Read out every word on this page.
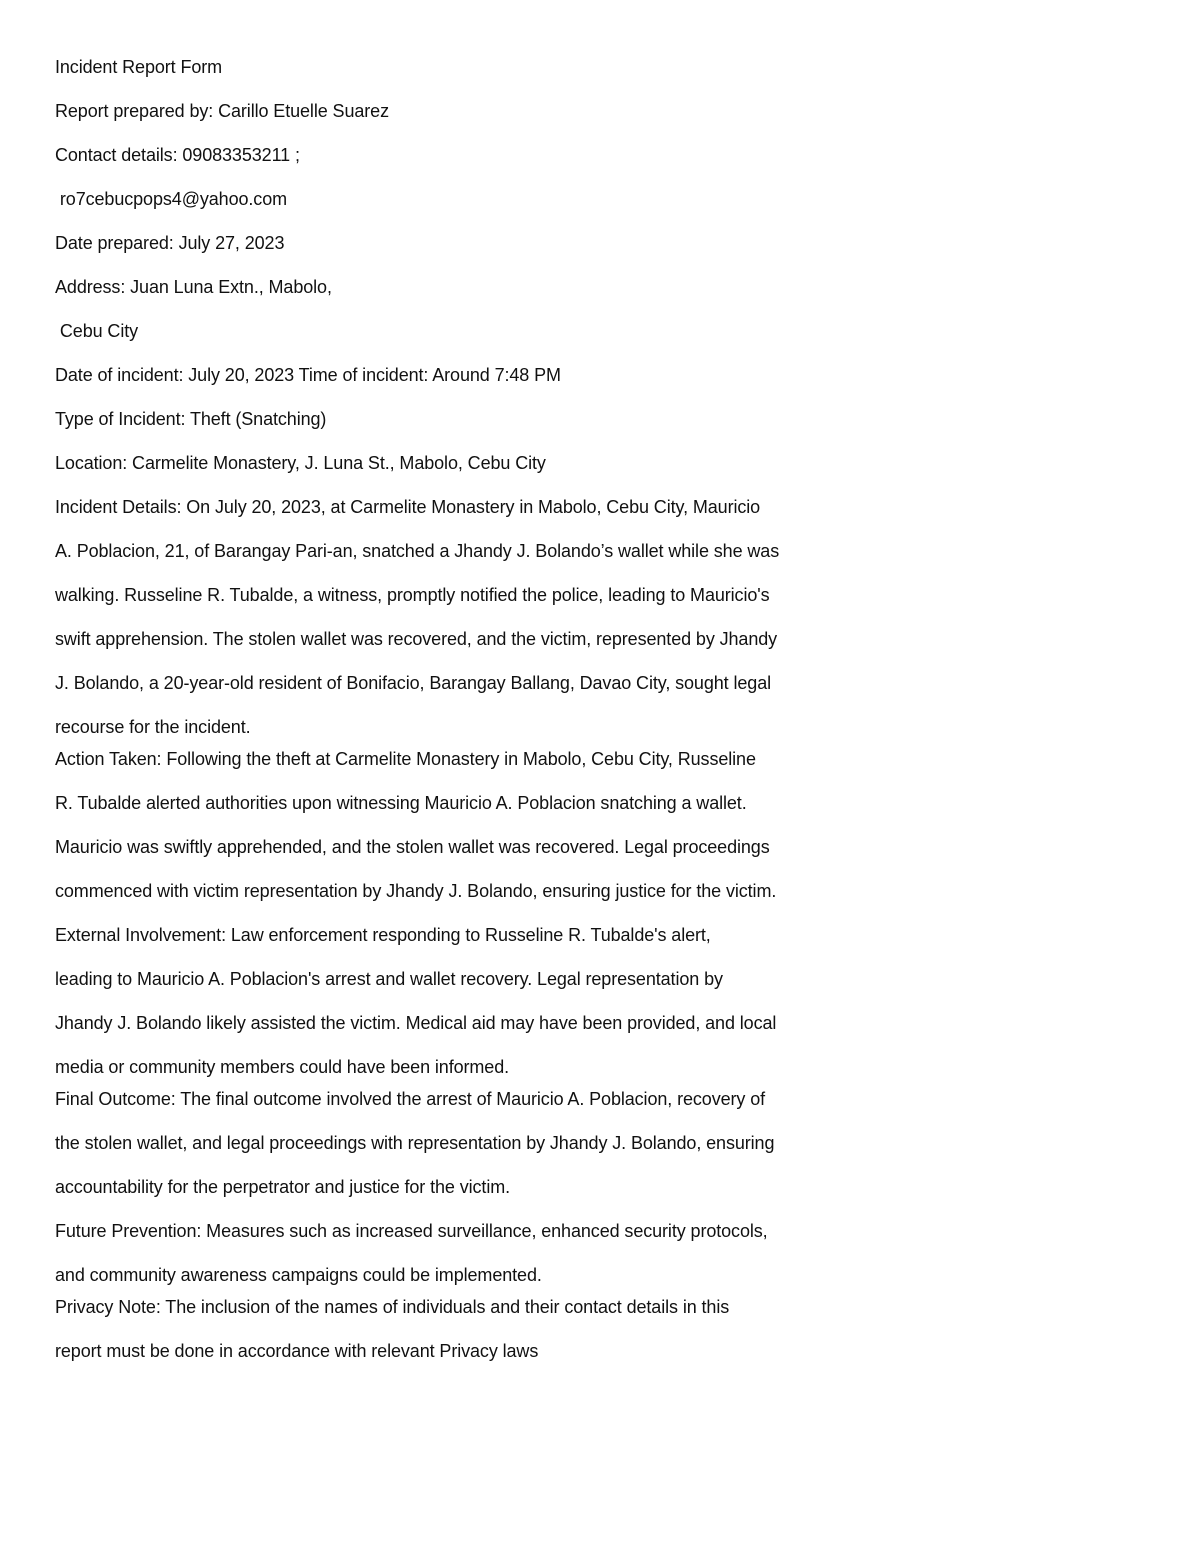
Incident Report Form
Report prepared by: Carillo Etuelle Suarez
Contact details: 09083353211 ;
ro7cebucpops4@yahoo.com
Date prepared: July 27, 2023
Address: Juan Luna Extn., Mabolo,
Cebu City
Date of incident: July 20, 2023 Time of incident: Around 7:48 PM
Type of Incident: Theft (Snatching)
Location: Carmelite Monastery, J. Luna St., Mabolo, Cebu City
Incident Details: On July 20, 2023, at Carmelite Monastery in Mabolo, Cebu City, Mauricio
A. Poblacion, 21, of Barangay Pari-an, snatched a Jhandy J. Bolando’s wallet while she was
walking. Russeline R. Tubalde, a witness, promptly notified the police, leading to Mauricio's
swift apprehension. The stolen wallet was recovered, and the victim, represented by Jhandy
J. Bolando, a 20-year-old resident of Bonifacio, Barangay Ballang, Davao City, sought legal
recourse for the incident.
Action Taken: Following the theft at Carmelite Monastery in Mabolo, Cebu City, Russeline
R. Tubalde alerted authorities upon witnessing Mauricio A. Poblacion snatching a wallet.
Mauricio was swiftly apprehended, and the stolen wallet was recovered. Legal proceedings
commenced with victim representation by Jhandy J. Bolando, ensuring justice for the victim.
External Involvement: Law enforcement responding to Russeline R. Tubalde's alert,
leading to Mauricio A. Poblacion's arrest and wallet recovery. Legal representation by
Jhandy J. Bolando likely assisted the victim. Medical aid may have been provided, and local
media or community members could have been informed.
Final Outcome: The final outcome involved the arrest of Mauricio A. Poblacion, recovery of
the stolen wallet, and legal proceedings with representation by Jhandy J. Bolando, ensuring
accountability for the perpetrator and justice for the victim.
Future Prevention: Measures such as increased surveillance, enhanced security protocols,
and community awareness campaigns could be implemented.
Privacy Note: The inclusion of the names of individuals and their contact details in this
report must be done in accordance with relevant Privacy laws
